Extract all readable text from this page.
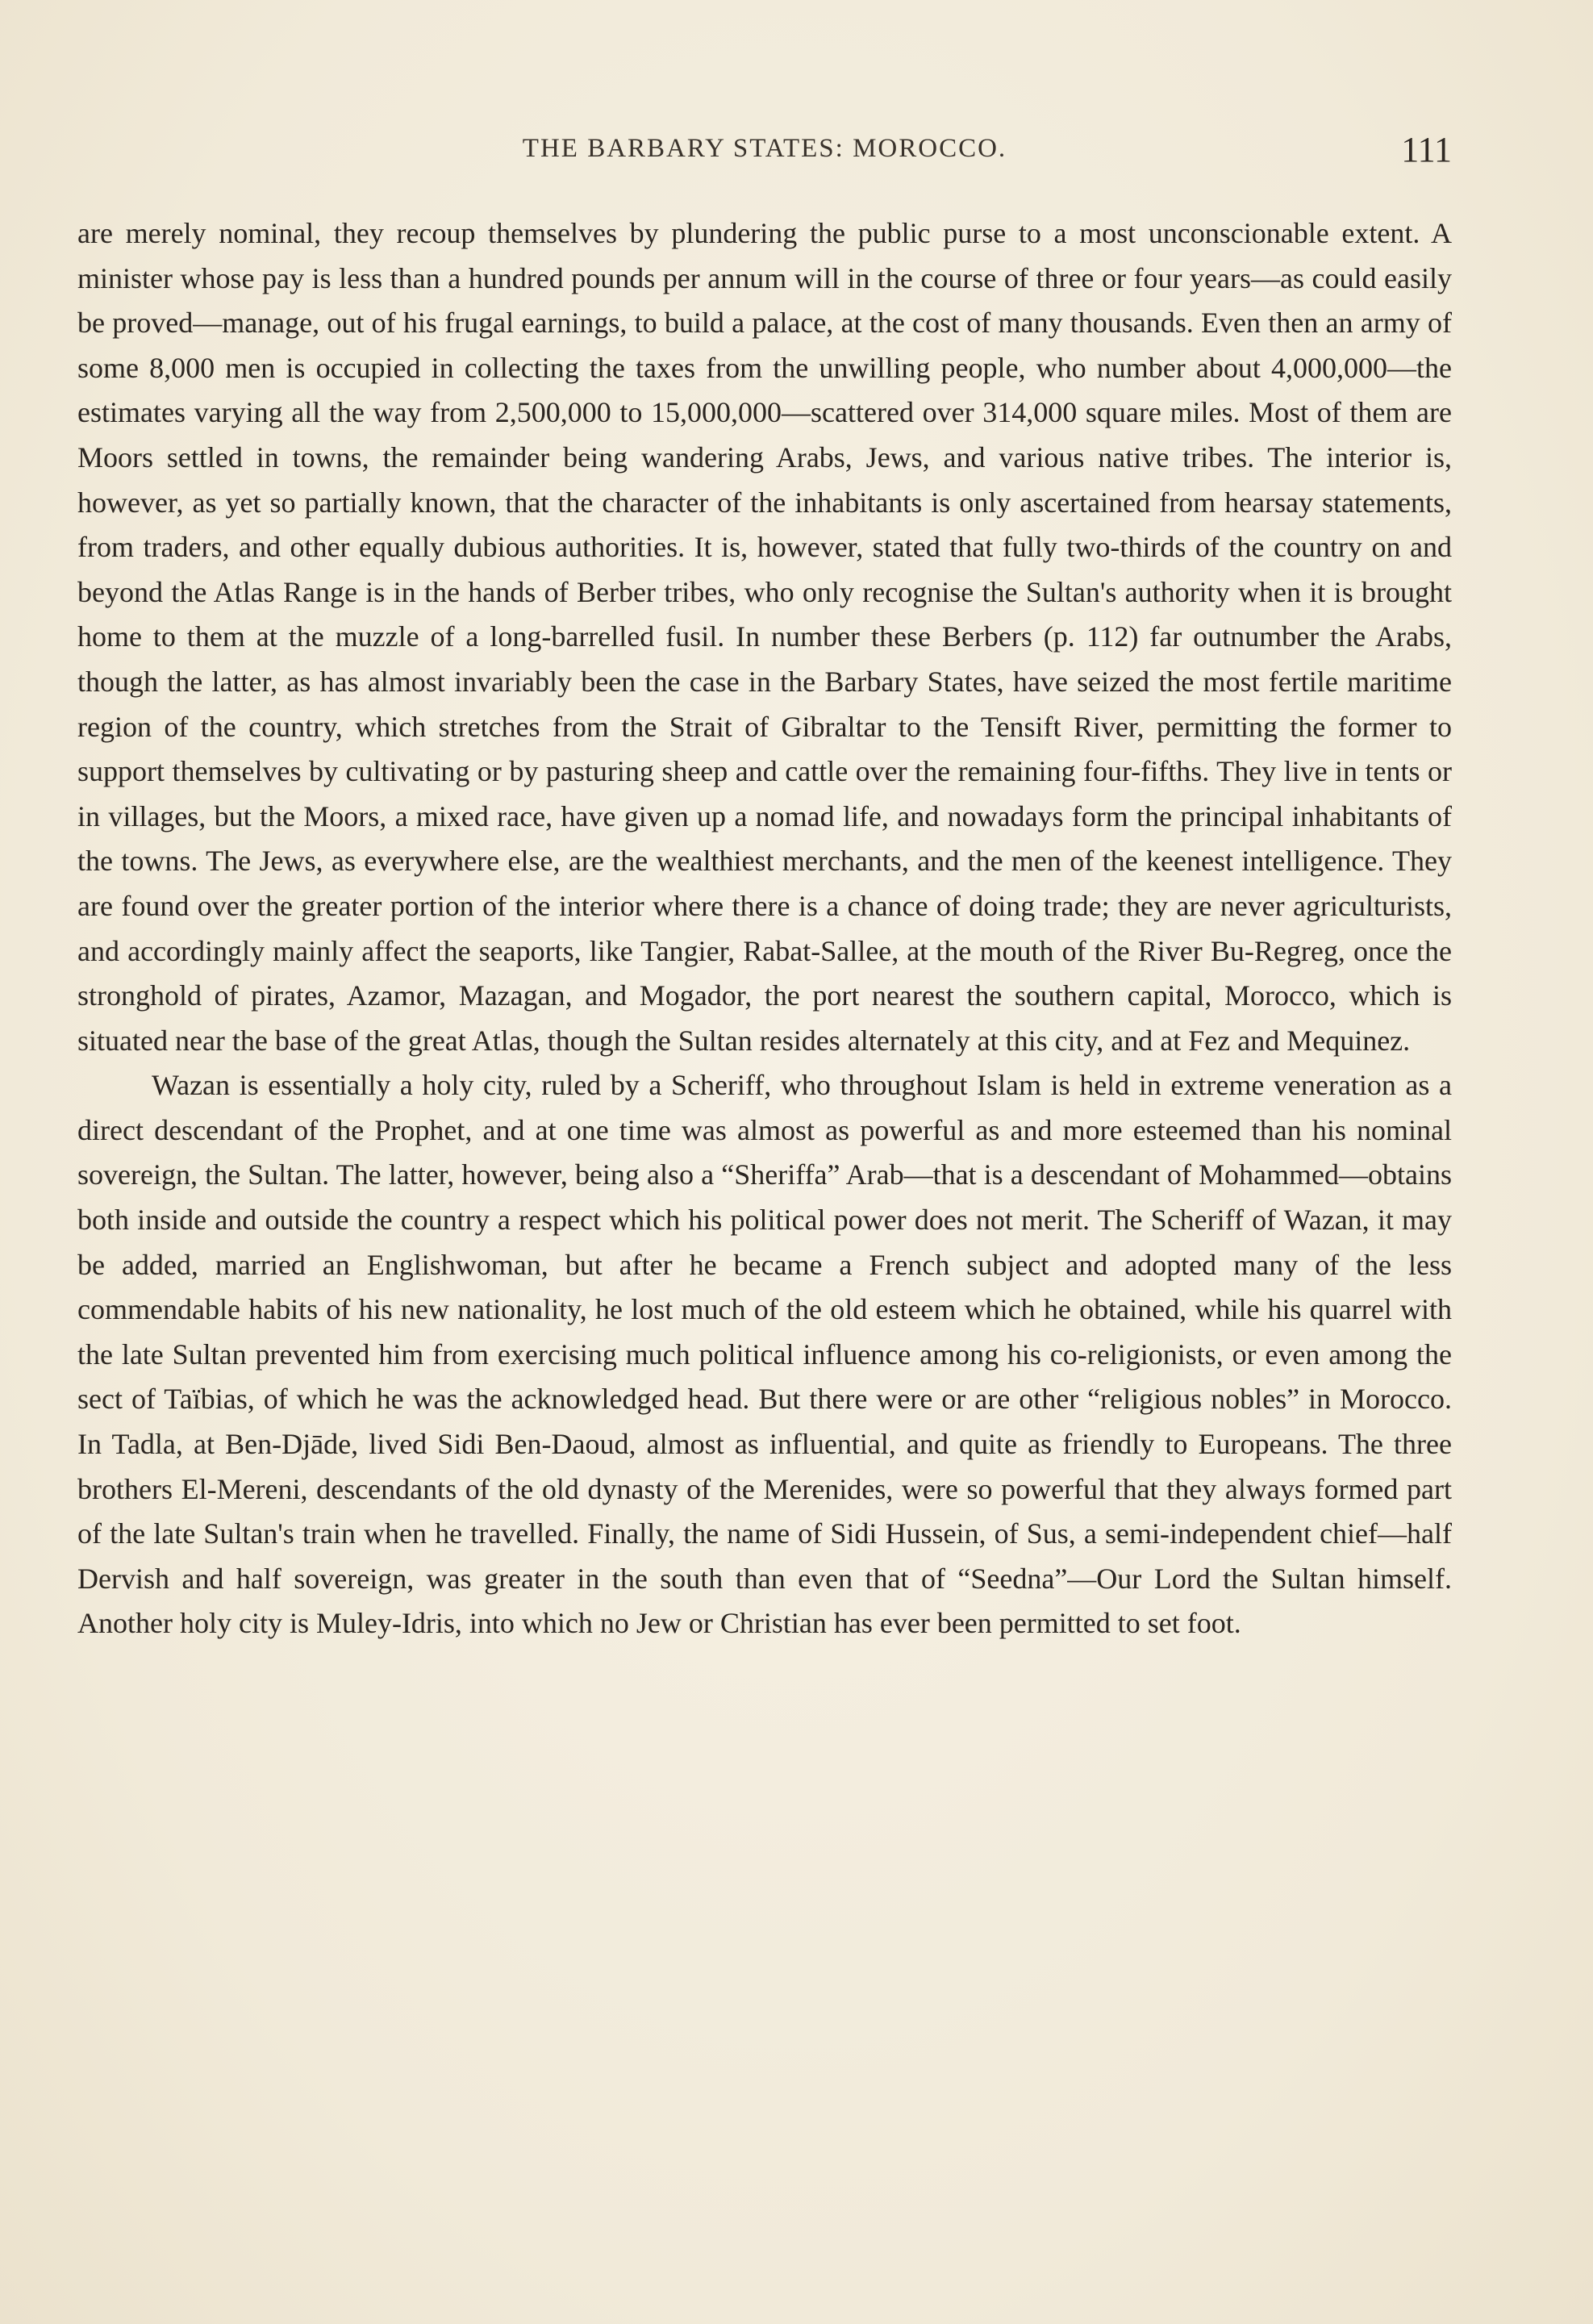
THE BARBARY STATES: MOROCCO.	111

are merely nominal, they recoup themselves by plundering the public purse to a most unconscionable extent. A minister whose pay is less than a hundred pounds per annum will in the course of three or four years—as could easily be proved—manage, out of his frugal earnings, to build a palace, at the cost of many thousands. Even then an army of some 8,000 men is occupied in collecting the taxes from the unwilling people, who number about 4,000,000—the estimates varying all the way from 2,500,000 to 15,000,000—scattered over 314,000 square miles. Most of them are Moors settled in towns, the remainder being wandering Arabs, Jews, and various native tribes. The interior is, however, as yet so partially known, that the character of the inhabitants is only ascertained from hearsay statements, from traders, and other equally dubious authorities. It is, however, stated that fully two-thirds of the country on and beyond the Atlas Range is in the hands of Berber tribes, who only recognise the Sultan's authority when it is brought home to them at the muzzle of a long-barrelled fusil. In number these Berbers (p. 112) far outnumber the Arabs, though the latter, as has almost invariably been the case in the Barbary States, have seized the most fertile maritime region of the country, which stretches from the Strait of Gibraltar to the Tensift River, permitting the former to support themselves by cultivating or by pasturing sheep and cattle over the remaining four-fifths. They live in tents or in villages, but the Moors, a mixed race, have given up a nomad life, and nowadays form the principal inhabitants of the towns. The Jews, as everywhere else, are the wealthiest merchants, and the men of the keenest intelligence. They are found over the greater portion of the interior where there is a chance of doing trade; they are never agriculturists, and accordingly mainly affect the seaports, like Tangier, Rabat-Sallee, at the mouth of the River Bu-Regreg, once the stronghold of pirates, Azamor, Mazagan, and Mogador, the port nearest the southern capital, Morocco, which is situated near the base of the great Atlas, though the Sultan resides alternately at this city, and at Fez and Mequinez.

Wazan is essentially a holy city, ruled by a Scheriff, who throughout Islam is held in extreme veneration as a direct descendant of the Prophet, and at one time was almost as powerful as and more esteemed than his nominal sovereign, the Sultan. The latter, however, being also a “Sheriffa” Arab—that is a descendant of Mohammed—obtains both inside and outside the country a respect which his political power does not merit. The Scheriff of Wazan, it may be added, married an Englishwoman, but after he became a French subject and adopted many of the less commendable habits of his new nationality, he lost much of the old esteem which he obtained, while his quarrel with the late Sultan prevented him from exercising much political influence among his co-religionists, or even among the sect of Taïbias, of which he was the acknowledged head. But there were or are other “religious nobles” in Morocco. In Tadla, at Ben-Djāde, lived Sidi Ben-Daoud, almost as influential, and quite as friendly to Europeans. The three brothers El-Mereni, descendants of the old dynasty of the Merenides, were so powerful that they always formed part of the late Sultan's train when he travelled. Finally, the name of Sidi Hussein, of Sus, a semi-independent chief—half Dervish and half sovereign, was greater in the south than even that of “Seedna”—Our Lord the Sultan himself. Another holy city is Muley-Idris, into which no Jew or Christian has ever been permitted to set foot.
